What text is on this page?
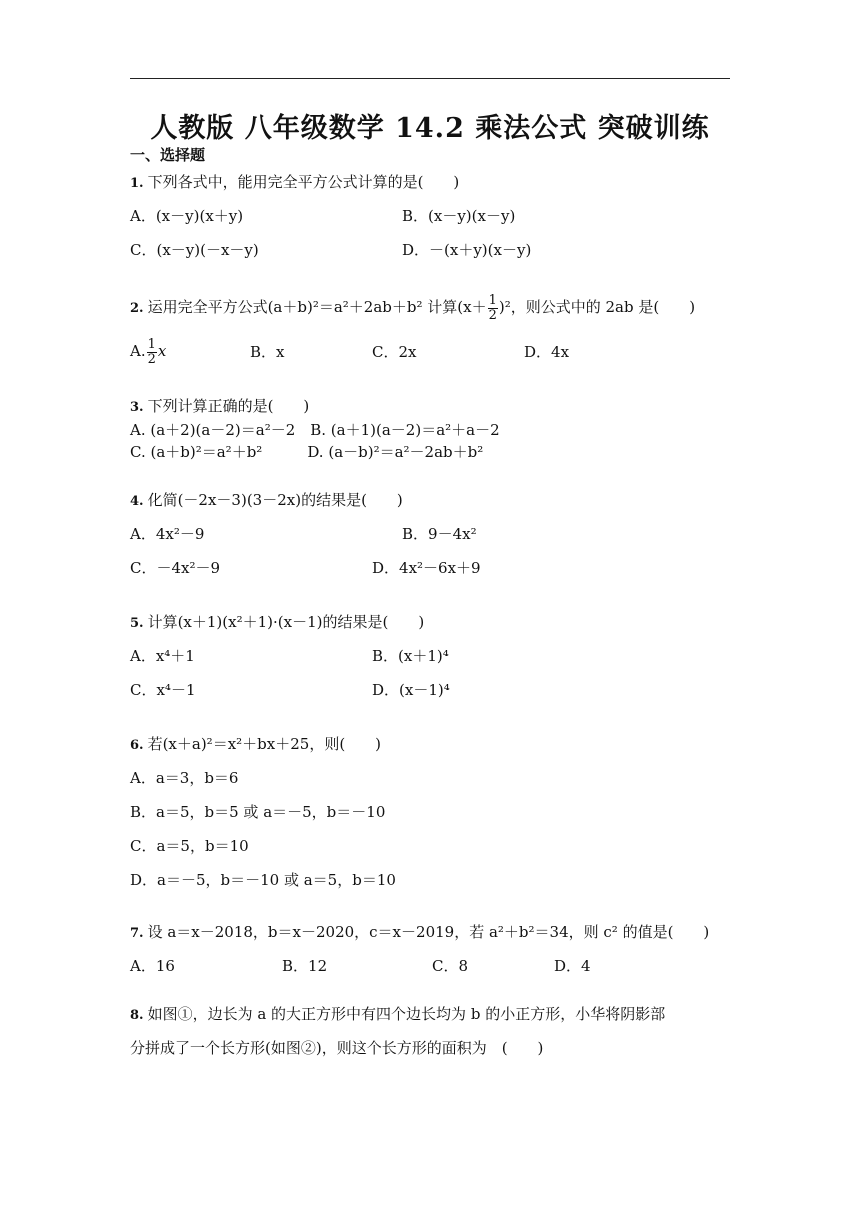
人教版 八年级数学 14.2 乘法公式 突破训练
一、选择题
1. 下列各式中，能用完全平方公式计算的是(　　)
A．(x－y)(x＋y)	B．(x－y)(x－y)
C．(x－y)(－x－y)	D．－(x＋y)(x－y)
2. 运用完全平方公式(a＋b)²＝a²＋2ab＋b² 计算$(x+ \frac{1}{2} )^2$，则公式中的 2ab 是(　　)
A. $\frac{1}{2}$ x	B．x	C．2x	D．4x
3. 下列计算正确的是(　　)
A. (a＋2)(a－2)＝a²－2　B. (a＋1)(a－2)＝a²＋a－2
C. (a＋b)²＝a²＋b²　　　D. (a－b)²＝a²－2ab＋b²
4. 化简(－2x－3)(3－2x)的结果是(　　)
A．4x²－9	B．9－4x²
C．－4x²－9	D．4x²－6x＋9
5. 计算(x＋1)(x²＋1)·(x－1)的结果是(　　)
A．x⁴＋1	B．(x＋1)⁴
C．x⁴－1	D．(x－1)⁴
6. 若(x＋a)²＝x²＋bx＋25，则(　　)
A．a＝3，b＝6
B．a＝5，b＝5 或 a＝－5，b＝－10
C．a＝5，b＝10
D．a＝－5，b＝－10 或 a＝5，b＝10
7. 设 a＝x－2018，b＝x－2020，c＝x－2019，若 a²＋b²＝34，则 c² 的值是(　　)
A．16	B．12	C．8	D．4
8. 如图①，边长为 a 的大正方形中有四个边长均为 b 的小正方形，小华将阴影部
分拼成了一个长方形(如图②)，则这个长方形的面积为　(　　)
